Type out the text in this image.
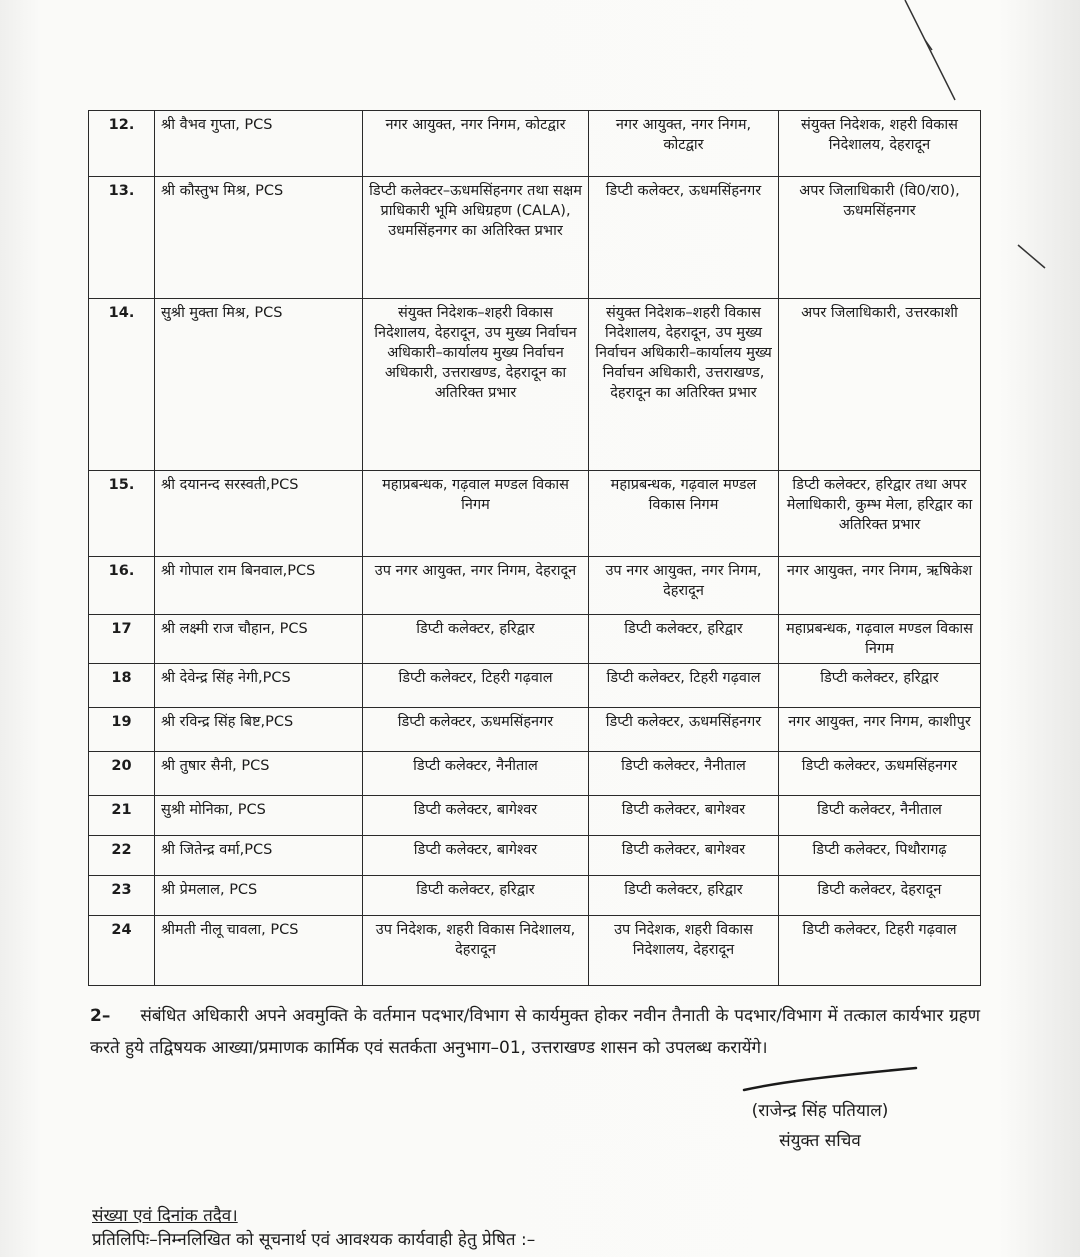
12.	श्री वैभव गुप्ता, PCS	नगर आयुक्त, नगर निगम, कोटद्वार	नगर आयुक्त, नगर निगम, कोटद्वार	संयुक्त निदेशक, शहरी विकास निदेशालय, देहरादून
13.	श्री कौस्तुभ मिश्र, PCS	डिप्टी कलेक्टर–ऊधमसिंहनगर तथा सक्षम प्राधिकारी भूमि अधिग्रहण (CALA), उधमसिंहनगर का अतिरिक्त प्रभार	डिप्टी कलेक्टर, ऊधमसिंहनगर	अपर जिलाधिकारी (वि0/रा0), ऊधमसिंहनगर
14.	सुश्री मुक्ता मिश्र, PCS	संयुक्त निदेशक–शहरी विकास निदेशालय, देहरादून, उप मुख्य निर्वाचन अधिकारी–कार्यालय मुख्य निर्वाचन अधिकारी, उत्तराखण्ड, देहरादून का अतिरिक्त प्रभार	संयुक्त निदेशक–शहरी विकास निदेशालय, देहरादून, उप मुख्य निर्वाचन अधिकारी–कार्यालय मुख्य निर्वाचन अधिकारी, उत्तराखण्ड, देहरादून का अतिरिक्त प्रभार	अपर जिलाधिकारी, उत्तरकाशी
15.	श्री दयानन्द सरस्वती,PCS	महाप्रबन्धक, गढ़वाल मण्डल विकास निगम	महाप्रबन्धक, गढ़वाल मण्डल विकास निगम	डिप्टी कलेक्टर, हरिद्वार तथा अपर मेलाधिकारी, कुम्भ मेला, हरिद्वार का अतिरिक्त प्रभार
16.	श्री गोपाल राम बिनवाल,PCS	उप नगर आयुक्त, नगर निगम, देहरादून	उप नगर आयुक्त, नगर निगम, देहरादून	नगर आयुक्त, नगर निगम, ऋषिकेश
17	श्री लक्ष्मी राज चौहान, PCS	डिप्टी कलेक्टर, हरिद्वार	डिप्टी कलेक्टर, हरिद्वार	महाप्रबन्धक, गढ़वाल मण्डल विकास निगम
18	श्री देवेन्द्र सिंह नेगी,PCS	डिप्टी कलेक्टर, टिहरी गढ़वाल	डिप्टी कलेक्टर, टिहरी गढ़वाल	डिप्टी कलेक्टर, हरिद्वार
19	श्री रविन्द्र सिंह बिष्ट,PCS	डिप्टी कलेक्टर, ऊधमसिंहनगर	डिप्टी कलेक्टर, ऊधमसिंहनगर	नगर आयुक्त, नगर निगम, काशीपुर
20	श्री तुषार सैनी, PCS	डिप्टी कलेक्टर, नैनीताल	डिप्टी कलेक्टर, नैनीताल	डिप्टी कलेक्टर, ऊधमसिंहनगर
21	सुश्री मोनिका, PCS	डिप्टी कलेक्टर, बागेश्वर	डिप्टी कलेक्टर, बागेश्वर	डिप्टी कलेक्टर, नैनीताल
22	श्री जितेन्द्र वर्मा,PCS	डिप्टी कलेक्टर, बागेश्वर	डिप्टी कलेक्टर, बागेश्वर	डिप्टी कलेक्टर, पिथौरागढ़
23	श्री प्रेमलाल, PCS	डिप्टी कलेक्टर, हरिद्वार	डिप्टी कलेक्टर, हरिद्वार	डिप्टी कलेक्टर, देहरादून
24	श्रीमती नीलू चावला, PCS	उप निदेशक, शहरी विकास निदेशालय, देहरादून	उप निदेशक, शहरी विकास निदेशालय, देहरादून	डिप्टी कलेक्टर, टिहरी गढ़वाल
2– संबंधित अधिकारी अपने अवमुक्ति के वर्तमान पदभार/विभाग से कार्यमुक्त होकर नवीन तैनाती के पदभार/विभाग में तत्काल कार्यभार ग्रहण करते हुये तद्विषयक आख्या/प्रमाणक कार्मिक एवं सतर्कता अनुभाग–01, उत्तराखण्ड शासन को उपलब्ध करायेंगे।
(राजेन्द्र सिंह पतियाल)
संयुक्त सचिव
संख्या एवं दिनांक तदैव।
प्रतिलिपिः–निम्नलिखित को सूचनार्थ एवं आवश्यक कार्यवाही हेतु प्रेषित :–
